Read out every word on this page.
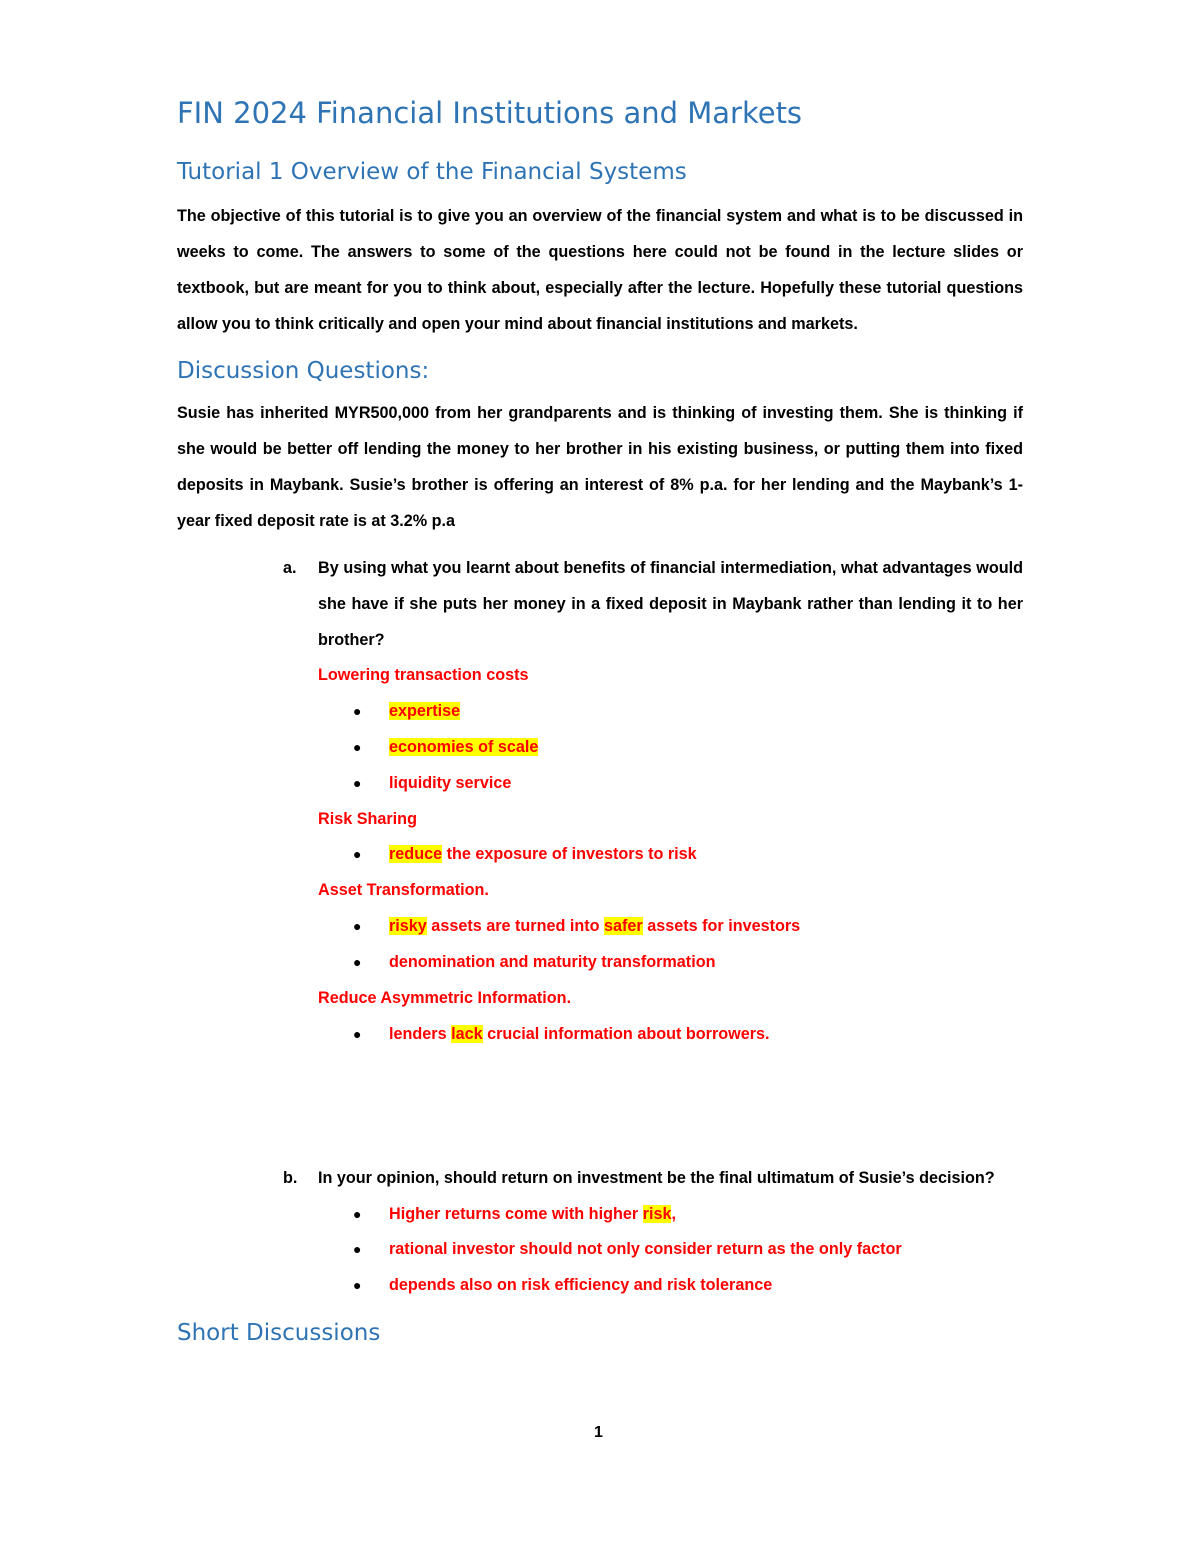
FIN 2024 Financial Institutions and Markets
Tutorial 1 Overview of the Financial Systems

The objective of this tutorial is to give you an overview of the financial system and what is to be discussed in weeks to come. The answers to some of the questions here could not be found in the lecture slides or textbook, but are meant for you to think about, especially after the lecture. Hopefully these tutorial questions allow you to think critically and open your mind about financial institutions and markets.

Discussion Questions:

Susie has inherited MYR500,000 from her grandparents and is thinking of investing them. She is thinking if she would be better off lending the money to her brother in his existing business, or putting them into fixed deposits in Maybank. Susie’s brother is offering an interest of 8% p.a. for her lending and the Maybank’s 1-year fixed deposit rate is at 3.2% p.a

a. By using what you learnt about benefits of financial intermediation, what advantages would she have if she puts her money in a fixed deposit in Maybank rather than lending it to her brother?

Lowering transaction costs
● expertise
● economies of scale
● liquidity service
Risk Sharing
● reduce the exposure of investors to risk
Asset Transformation.
● risky assets are turned into safer assets for investors
● denomination and maturity transformation
Reduce Asymmetric Information.
● lenders lack crucial information about borrowers.
b. In your opinion, should return on investment be the final ultimatum of Susie’s decision?
● Higher returns come with higher risk,
● rational investor should not only consider return as the only factor
● depends also on risk efficiency and risk tolerance
Short Discussions
1
